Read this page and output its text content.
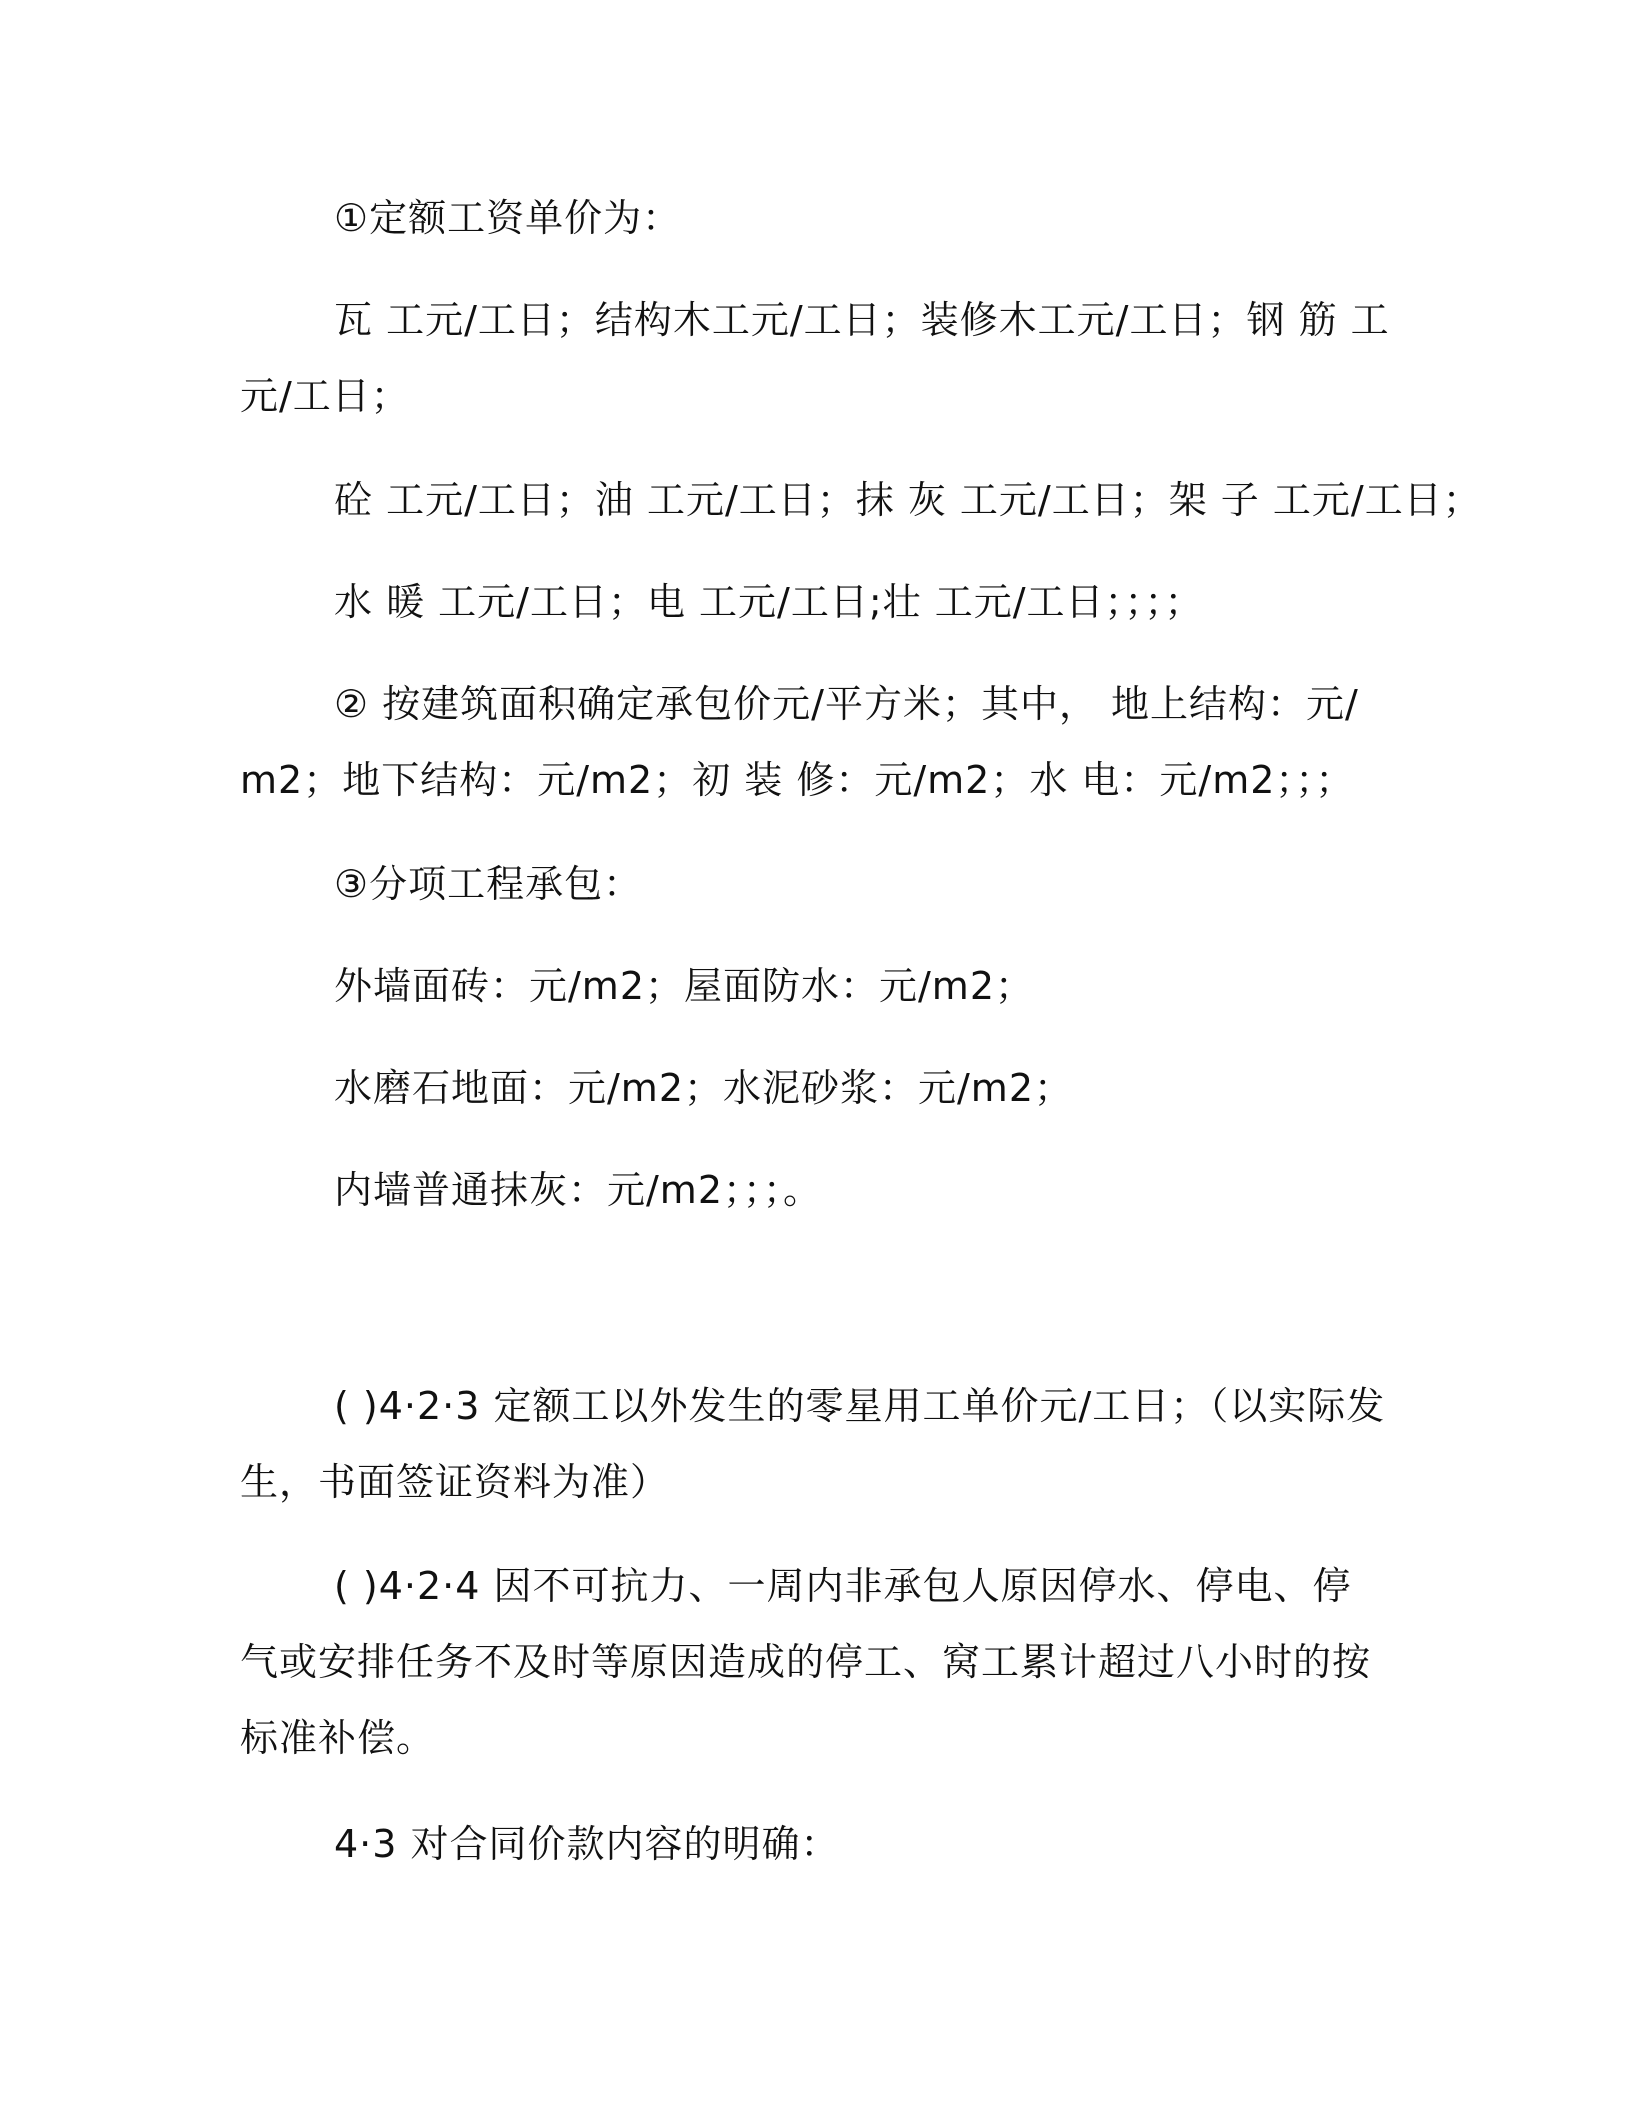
①定额工资单价为：

瓦 工元/工日；结构木工元/工日；装修木工元/工日；钢 筋 工元/工日；

砼 工元/工日；油 工元/工日；抹 灰 工元/工日；架 子 工元/工日；

水 暖 工元/工日；电 工元/工日;壮 工元/工日；；；；

② 按建筑面积确定承包价元/平方米；其中， 地上结构：元/m2；地下结构：元/m2；初 装 修：元/m2；水 电：元/m2；；；

③分项工程承包：

外墙面砖：元/m2；屋面防水：元/m2；

水磨石地面：元/m2；水泥砂浆：元/m2；

内墙普通抹灰：元/m2；；；。

( )4·2·3 定额工以外发生的零星用工单价元/工日；（以实际发生，书面签证资料为准）

( )4·2·4 因不可抗力、一周内非承包人原因停水、停电、停气或安排任务不及时等原因造成的停工、窝工累计超过八小时的按标准补偿。

4·3 对合同价款内容的明确：
